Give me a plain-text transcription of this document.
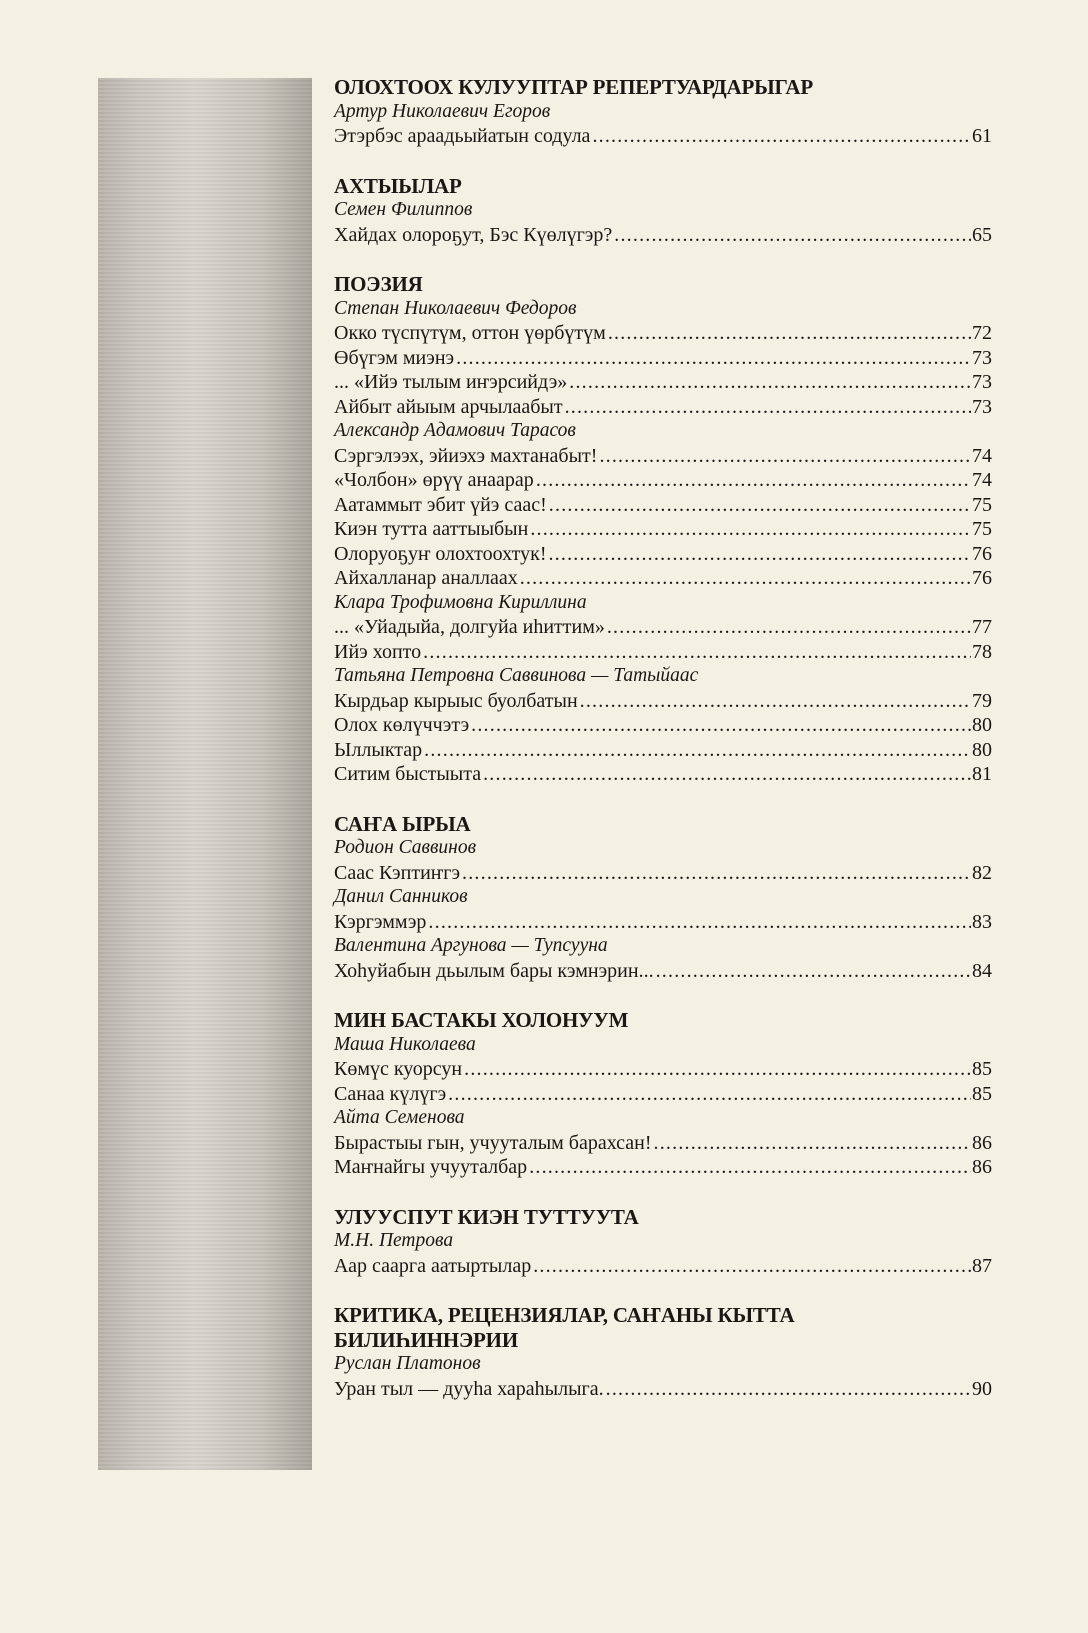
ОЛОХТООХ КУЛУУПТАР РЕПЕРТУАРДАРЫГАР
Артур Николаевич Егоров
Этэрбэс араадьыйатын содула .....	61
АХТЫЫЛАР
Семен Филиппов
Хайдах олороҕут, Бэс Күөлүгэр? .....	65
ПОЭЗИЯ
Степан Николаевич Федоров
Окко түспүтүм, оттон үөрбүтүм .....	72
Өбүгэм миэнэ .....	73
... «Ийэ тылым иҥэрсийдэ» .....	73
Айбыт айыым арчылаабыт .....	73
Александр Адамович Тарасов
Сэргэлээх, эйиэхэ махтанабыт! .....	74
«Чолбон» өрүү анаарар .....	74
Аатаммыт эбит үйэ саас! .....	75
Киэн тутта ааттыыбын .....	75
Олоруоҕуҥ олохтоохтук! .....	76
Айхалланар аналлаах .....	76
Клара Трофимовна Кириллина
... «Уйадыйа, долгуйа иһиттим» .....	77
Ийэ хопто .....	78
Татьяна Петровна Саввинова — Татыйаас
Кырдьар кырыыс буолбатын .....	79
Олох көлүччэтэ .....	80
Ыллыктар .....	80
Ситим быстыыта .....	81
САҤА ЫРЫА
Родион Саввинов
Саас Кэптиҥгэ .....	82
Данил Санников
Кэргэммэр .....	83
Валентина Аргунова — Тупсууна
Хоһуйабын дьылым бары кэмнэрин... .....	84
МИН БАСТАКЫ ХОЛОНУУМ
Маша Николаева
Көмүс куорсун .....	85
Санаа күлүгэ .....	85
Айта Семенова
Бырастыы гын, учууталым барахсан! .....	86
Маҥнайгы учууталбар .....	86
УЛУУСПУТ КИЭН ТУТТУУТА
М.Н. Петрова
Аар саарга аатыртылар .....	87
КРИТИКА, РЕЦЕНЗИЯЛАР, САҤАНЫ КЫТТА
БИЛИҺИННЭРИИ
Руслан Платонов
Уран тыл — дууһа хараһылыга. .....	90
